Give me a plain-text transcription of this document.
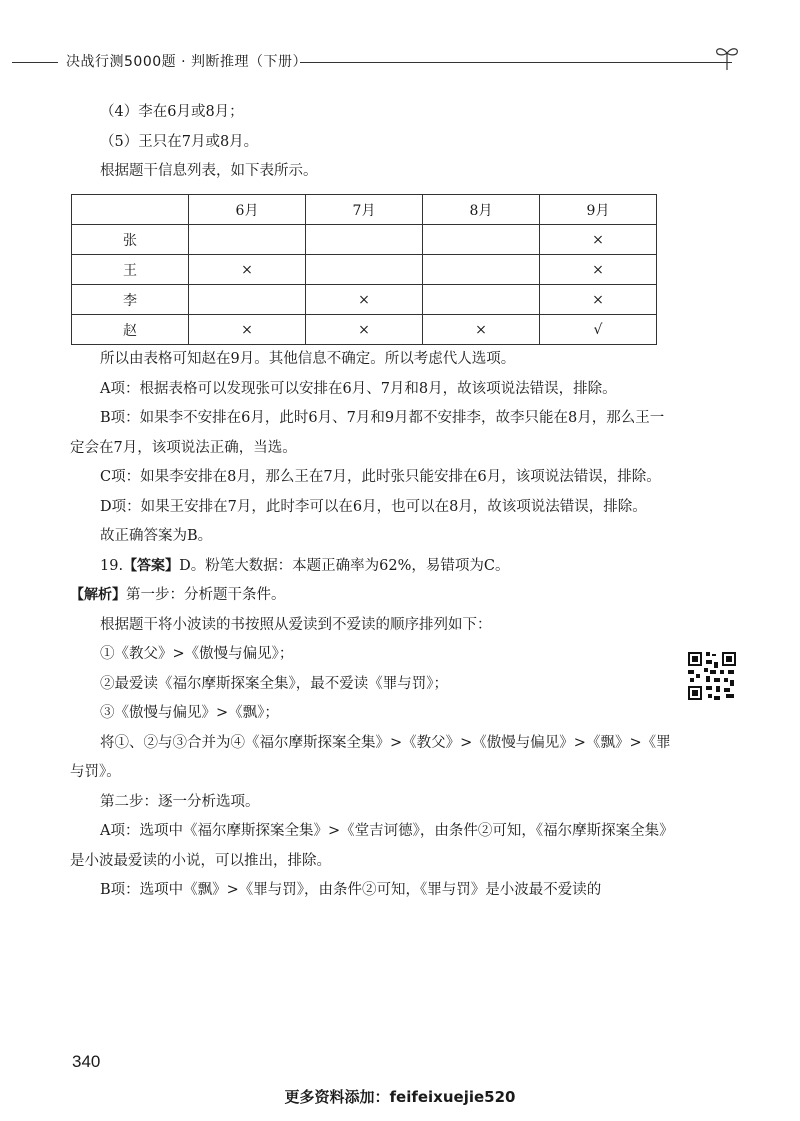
决战行测5000题 · 判断推理（下册）

（4）李在6月或8月；

（5）王只在7月或8月。

根据题干信息列表，如下表所示。

	6月	7月	8月	9月
张				×
王	×			×
李		×		×
赵	×	×	×	√

所以由表格可知赵在9月。其他信息不确定。所以考虑代人选项。

A项：根据表格可以发现张可以安排在6月、7月和8月，故该项说法错误，排除。

B项：如果李不安排在6月，此时6月、7月和9月都不安排李，故李只能在8月，那么王一定会在7月，该项说法正确，当选。

C项：如果李安排在8月，那么王在7月，此时张只能安排在6月，该项说法错误，排除。

D项：如果王安排在7月，此时李可以在6月，也可以在8月，故该项说法错误，排除。

故正确答案为B。

19.【答案】D。粉笔大数据：本题正确率为62%，易错项为C。

【解析】第一步：分析题干条件。

根据题干将小波读的书按照从爱读到不爱读的顺序排列如下：

①《教父》>《傲慢与偏见》；

②最爱读《福尔摩斯探案全集》，最不爱读《罪与罚》；

③《傲慢与偏见》>《飘》；

将①、②与③合并为④《福尔摩斯探案全集》>《教父》>《傲慢与偏见》>《飘》>《罪与罚》。

第二步：逐一分析选项。

A项：选项中《福尔摩斯探案全集》>《堂吉诃德》，由条件②可知，《福尔摩斯探案全集》是小波最爱读的小说，可以推出，排除。

B项：选项中《飘》>《罪与罚》，由条件②可知，《罪与罚》是小波最不爱读的

340
更多资料添加：feifeixuejie520
